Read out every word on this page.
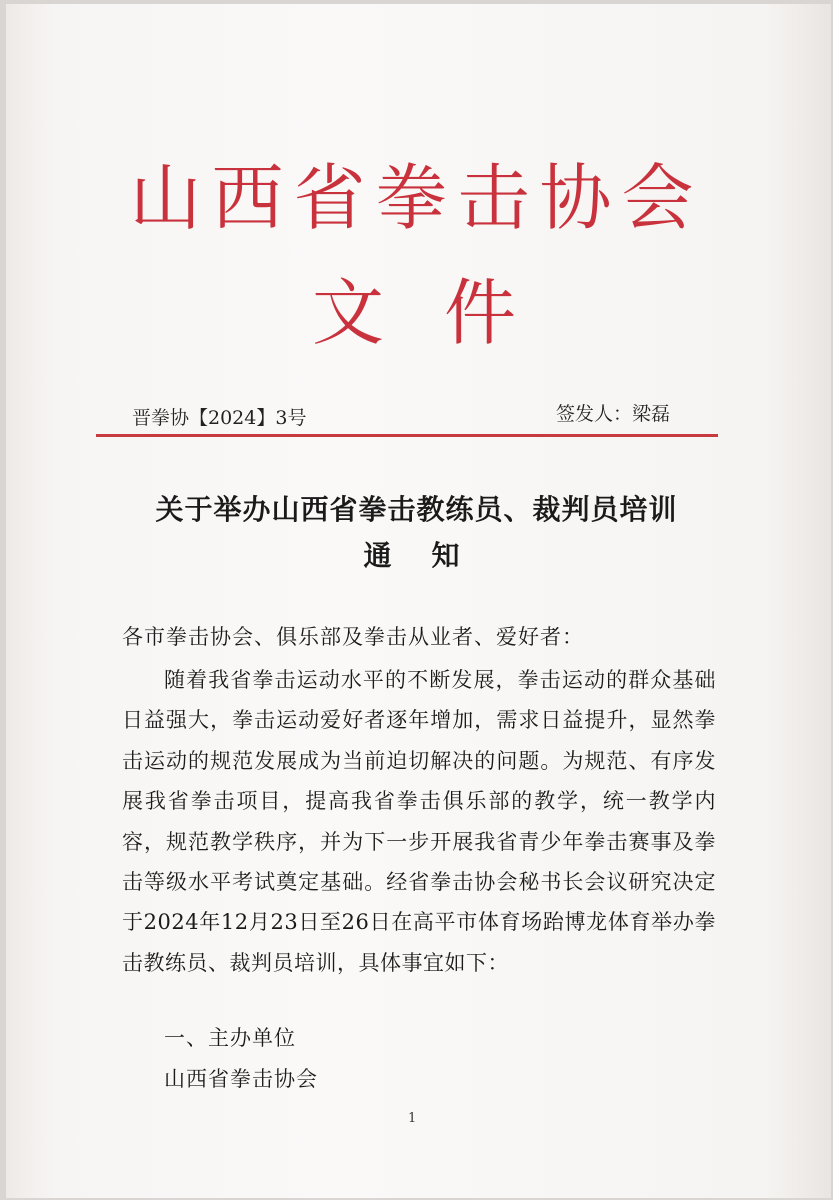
山西省拳击协会
文件
晋拳协【2024】3号	签发人：梁磊
关于举办山西省拳击教练员、裁判员培训
通知
各市拳击协会、俱乐部及拳击从业者、爱好者：
随着我省拳击运动水平的不断发展，拳击运动的群众基础日益强大，拳击运动爱好者逐年增加，需求日益提升，显然拳击运动的规范发展成为当前迫切解决的问题。为规范、有序发展我省拳击项目，提高我省拳击俱乐部的教学，统一教学内容，规范教学秩序，并为下一步开展我省青少年拳击赛事及拳击等级水平考试奠定基础。经省拳击协会秘书长会议研究决定于2024年12月23日至26日在高平市体育场跆博龙体育举办拳击教练员、裁判员培训，具体事宜如下：
一、主办单位
山西省拳击协会
1
